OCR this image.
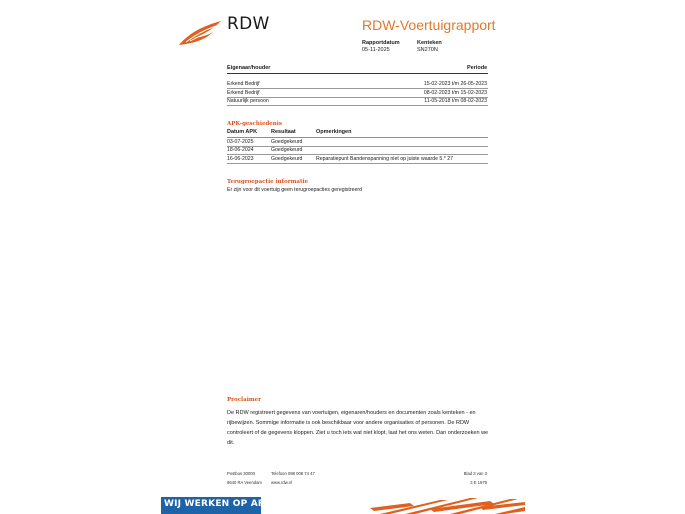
RDW	RDW-Voertuigrapport
Rapportdatum
05-11-2025
Kenteken
SN270N
Eigenaar/houder	Periode
Erkend Bedrijf	15-02-2023 t/m 26-05-2023
Erkend Bedrijf	08-02-2023 t/m 15-02-2023
Natuurlijk persoon	11-05-2018 t/m 08-02-2023
APK-geschiedenis
Datum APK	Resultaat	Opmerkingen
03-07-2025	Goedgekeurd
18-06-2024	Goedgekeurd
16-06-2023	Goedgekeurd	Reparatiepunt Bandenspanning niet op juiste waarde 5.* 27
Terugroepactie informatie
Er zijn voor dit voertuig geen terugroepacties geregistreerd
Proclaimer
De RDW registreert gegevens van voertuigen, eigenaren/houders en documenten zoals kenteken - en rijbewijzen. Sommige informatie is ook beschikbaar voor andere organisaties of personen. De RDW controleert of de gegevens kloppen. Ziet u toch iets wat niet klopt, laat het ons weten. Dan onderzoeken we dit.
Postbus 30000	Telefoon 088 008 74 47	Blad 3 van 3
9640 RA Veendam www.rdw.nl	3 E 1979
WIJ WERKEN OP AFSPRAAK
